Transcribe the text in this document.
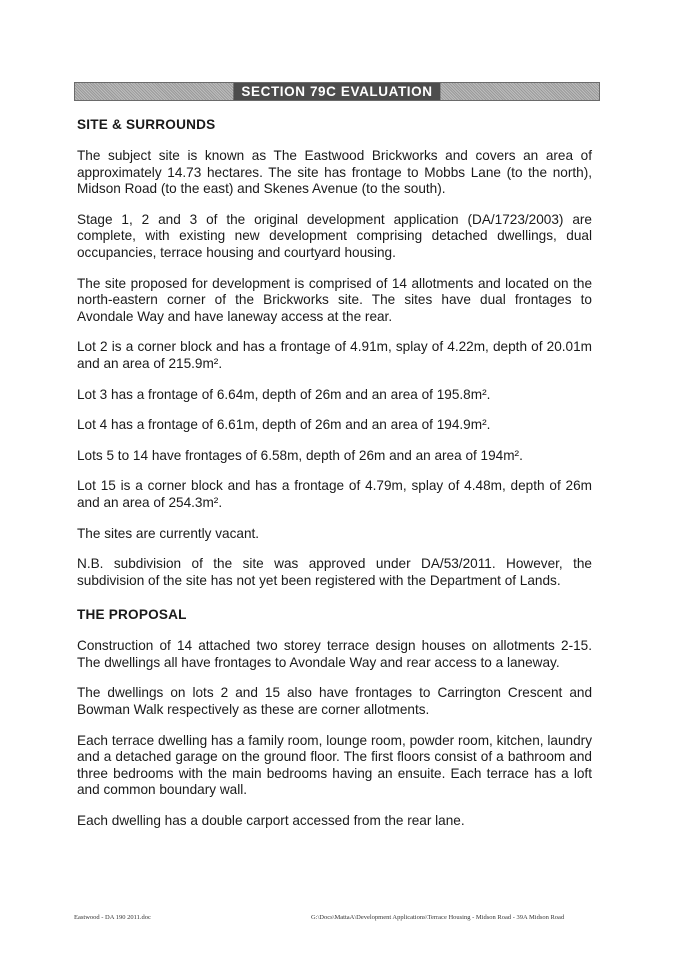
SECTION 79C EVALUATION
SITE & SURROUNDS

The subject site is known as The Eastwood Brickworks and covers an area of approximately 14.73 hectares. The site has frontage to Mobbs Lane (to the north), Midson Road (to the east) and Skenes Avenue (to the south).

Stage 1, 2 and 3 of the original development application (DA/1723/2003) are complete, with existing new development comprising detached dwellings, dual occupancies, terrace housing and courtyard housing.

The site proposed for development is comprised of 14 allotments and located on the north-eastern corner of the Brickworks site. The sites have dual frontages to Avondale Way and have laneway access at the rear.

Lot 2 is a corner block and has a frontage of 4.91m, splay of 4.22m, depth of 20.01m and an area of 215.9m².

Lot 3 has a frontage of 6.64m, depth of 26m and an area of 195.8m².

Lot 4 has a frontage of 6.61m, depth of 26m and an area of 194.9m².

Lots 5 to 14 have frontages of 6.58m, depth of 26m and an area of 194m².

Lot 15 is a corner block and has a frontage of 4.79m, splay of 4.48m, depth of 26m and an area of 254.3m².

The sites are currently vacant.

N.B. subdivision of the site was approved under DA/53/2011. However, the subdivision of the site has not yet been registered with the Department of Lands.

THE PROPOSAL

Construction of 14 attached two storey terrace design houses on allotments 2-15. The dwellings all have frontages to Avondale Way and rear access to a laneway.

The dwellings on lots 2 and 15 also have frontages to Carrington Crescent and Bowman Walk respectively as these are corner allotments.

Each terrace dwelling has a family room, lounge room, powder room, kitchen, laundry and a detached garage on the ground floor. The first floors consist of a bathroom and three bedrooms with the main bedrooms having an ensuite. Each terrace has a loft and common boundary wall.

Each dwelling has a double carport accessed from the rear lane.

Eastwood - DA 190 2011.doc	G:\Docs\MattaA\Development Applications\Terrace Housing - Midson Road - 39A Midson Road
